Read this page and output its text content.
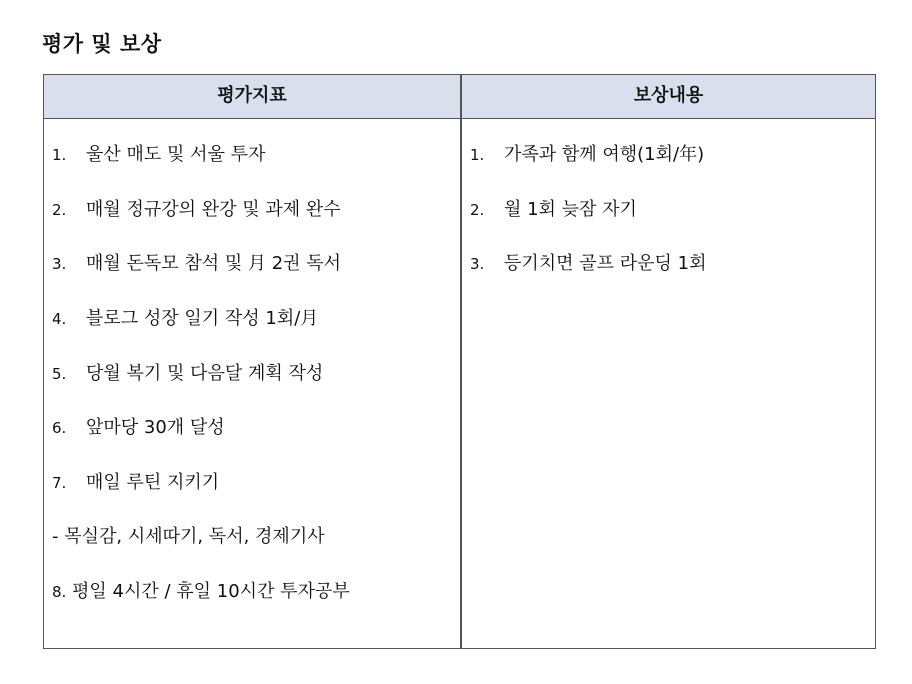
평가 및 보상
평가지표	보상내용
1. 울산 매도 및 서울 투자
2. 매월 정규강의 완강 및 과제 완수
3. 매월 돈독모 참석 및 月 2권 독서
4. 블로그 성장 일기 작성 1회/月
5. 당월 복기 및 다음달 계획 작성
6. 앞마당 30개 달성
7. 매일 루틴 지키기
- 목실감, 시세따기, 독서, 경제기사
8. 평일 4시간 / 휴일 10시간 투자공부
1. 가족과 함께 여행(1회/年)
2. 월 1회 늦잠 자기
3. 등기치면 골프 라운딩 1회
